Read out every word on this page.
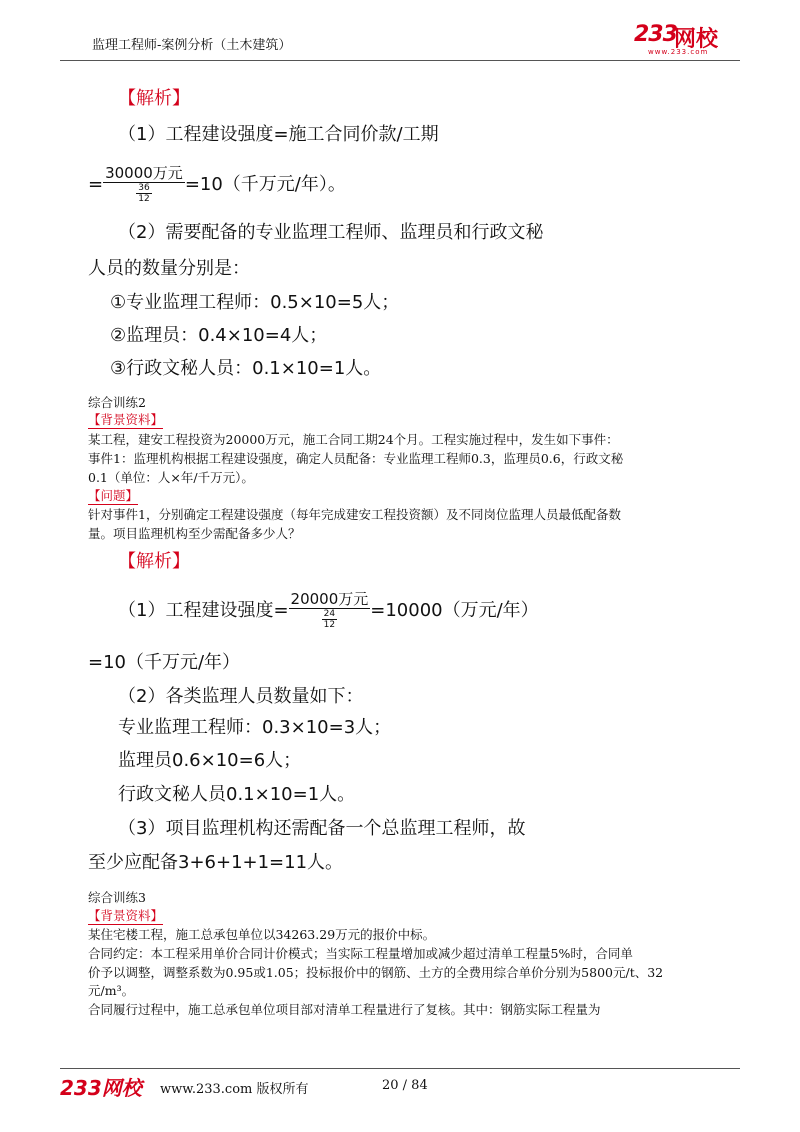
监理工程师-案例分析（土木建筑）	233
网校
www.233.com
【解析】
（1）工程建设强度=施工合同价款/工期
= $\frac{\text{30000万元}}{\frac{36}{12}} =10$（千万元/年）。
（2）需要配备的专业监理工程师、监理员和行政文秘
人员的数量分别是：
①专业监理工程师：0.5×10=5人；
②监理员：0.4×10=4人；
③行政文秘人员：0.1×10=1人。
综合训练2
【背景资料】
某工程，建安工程投资为20000万元，施工合同工期24个月。工程实施过程中，发生如下事件：
事件1：监理机构根据工程建设强度，确定人员配备：专业监理工程师0.3，监理员0.6，行政文秘
0.1（单位：人×年/千万元）。
【问题】
针对事件1，分别确定工程建设强度（每年完成建安工程投资额）及不同岗位监理人员最低配备数
量。项目监理机构至少需配备多少人？
【解析】
（1）工程建设强度= $\frac{\text{20000万元}}{\frac{24}{12}} =10000$（万元/年）
=10（千万元/年）
（2）各类监理人员数量如下：
专业监理工程师：0.3×10=3人；
监理员0.6×10=6人；
行政文秘人员0.1×10=1人。
（3）项目监理机构还需配备一个总监理工程师，故
至少应配备3+6+1+1=11人。
综合训练3
【背景资料】
某住宅楼工程，施工总承包单位以34263.29万元的报价中标。
合同约定：本工程采用单价合同计价模式；当实际工程量增加或减少超过清单工程量5%时，合同单
价予以调整，调整系数为0.95或1.05；投标报价中的钢筋、土方的全费用综合单价分别为5800元/t、32
元/m³。
合同履行过程中，施工总承包单位项目部对清单工程量进行了复核。其中：钢筋实际工程量为
233网校 www.233.com 版权所有	20 / 84
